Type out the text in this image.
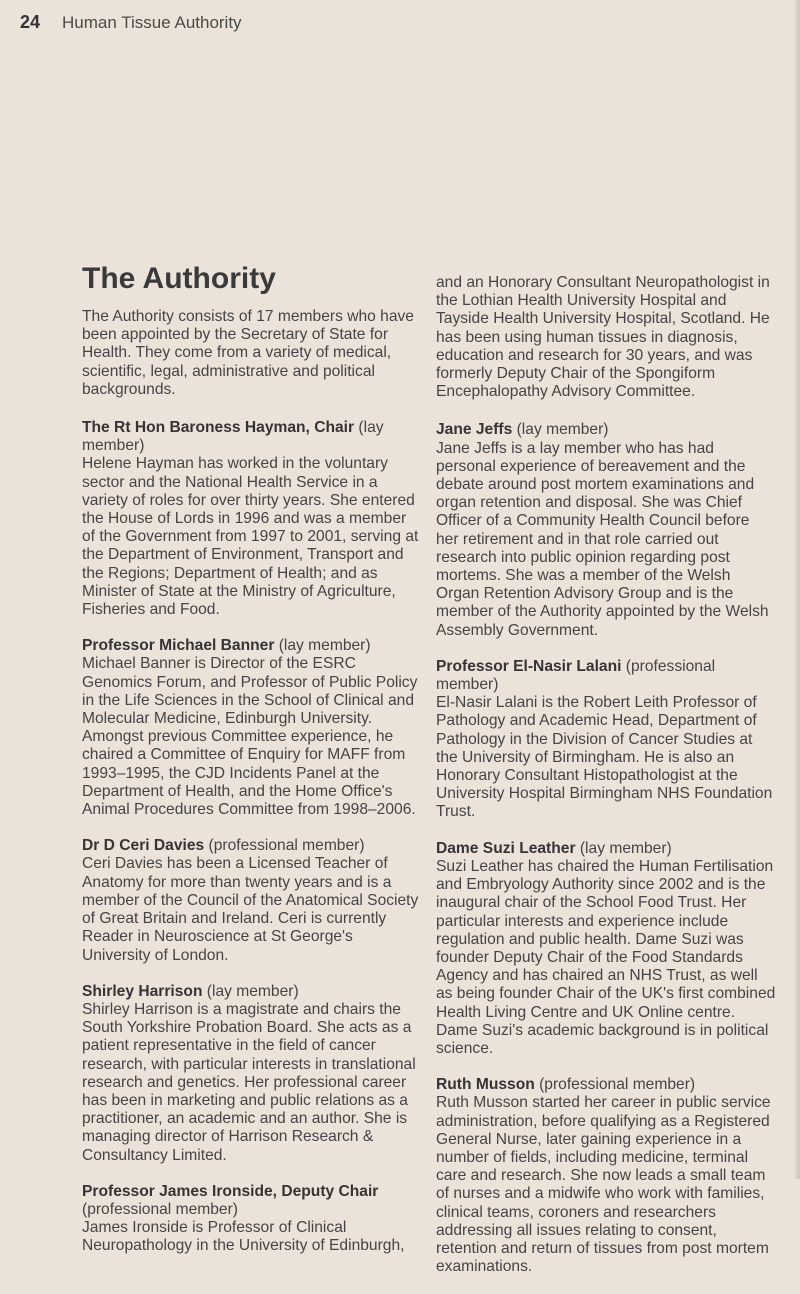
24 Human Tissue Authority
The Authority

The Authority consists of 17 members who have been appointed by the Secretary of State for Health. They come from a variety of medical, scientific, legal, administrative and political backgrounds.

The Rt Hon Baroness Hayman, Chair (lay member)

Helene Hayman has worked in the voluntary sector and the National Health Service in a variety of roles for over thirty years. She entered the House of Lords in 1996 and was a member of the Government from 1997 to 2001, serving at the Department of Environment, Transport and the Regions; Department of Health; and as Minister of State at the Ministry of Agriculture, Fisheries and Food.

Professor Michael Banner (lay member)

Michael Banner is Director of the ESRC Genomics Forum, and Professor of Public Policy in the Life Sciences in the School of Clinical and Molecular Medicine, Edinburgh University. Amongst previous Committee experience, he chaired a Committee of Enquiry for MAFF from 1993–1995, the CJD Incidents Panel at the Department of Health, and the Home Office's Animal Procedures Committee from 1998–2006.

Dr D Ceri Davies (professional member)

Ceri Davies has been a Licensed Teacher of Anatomy for more than twenty years and is a member of the Council of the Anatomical Society of Great Britain and Ireland. Ceri is currently Reader in Neuroscience at St George's University of London.

Shirley Harrison (lay member)

Shirley Harrison is a magistrate and chairs the South Yorkshire Probation Board. She acts as a patient representative in the field of cancer research, with particular interests in translational research and genetics. Her professional career has been in marketing and public relations as a practitioner, an academic and an author. She is managing director of Harrison Research & Consultancy Limited.

Professor James Ironside, Deputy Chair (professional member)

James Ironside is Professor of Clinical Neuropathology in the University of Edinburgh,

and an Honorary Consultant Neuropathologist in the Lothian Health University Hospital and Tayside Health University Hospital, Scotland. He has been using human tissues in diagnosis, education and research for 30 years, and was formerly Deputy Chair of the Spongiform Encephalopathy Advisory Committee.

Jane Jeffs (lay member)

Jane Jeffs is a lay member who has had personal experience of bereavement and the debate around post mortem examinations and organ retention and disposal. She was Chief Officer of a Community Health Council before her retirement and in that role carried out research into public opinion regarding post mortems. She was a member of the Welsh Organ Retention Advisory Group and is the member of the Authority appointed by the Welsh Assembly Government.

Professor El-Nasir Lalani (professional member)

El-Nasir Lalani is the Robert Leith Professor of Pathology and Academic Head, Department of Pathology in the Division of Cancer Studies at the University of Birmingham. He is also an Honorary Consultant Histopathologist at the University Hospital Birmingham NHS Foundation Trust.

Dame Suzi Leather (lay member)

Suzi Leather has chaired the Human Fertilisation and Embryology Authority since 2002 and is the inaugural chair of the School Food Trust. Her particular interests and experience include regulation and public health. Dame Suzi was founder Deputy Chair of the Food Standards Agency and has chaired an NHS Trust, as well as being founder Chair of the UK's first combined Health Living Centre and UK Online centre. Dame Suzi's academic background is in political science.

Ruth Musson (professional member)

Ruth Musson started her career in public service administration, before qualifying as a Registered General Nurse, later gaining experience in a number of fields, including medicine, terminal care and research. She now leads a small team of nurses and a midwife who work with families, clinical teams, coroners and researchers addressing all issues relating to consent, retention and return of tissues from post mortem examinations.
